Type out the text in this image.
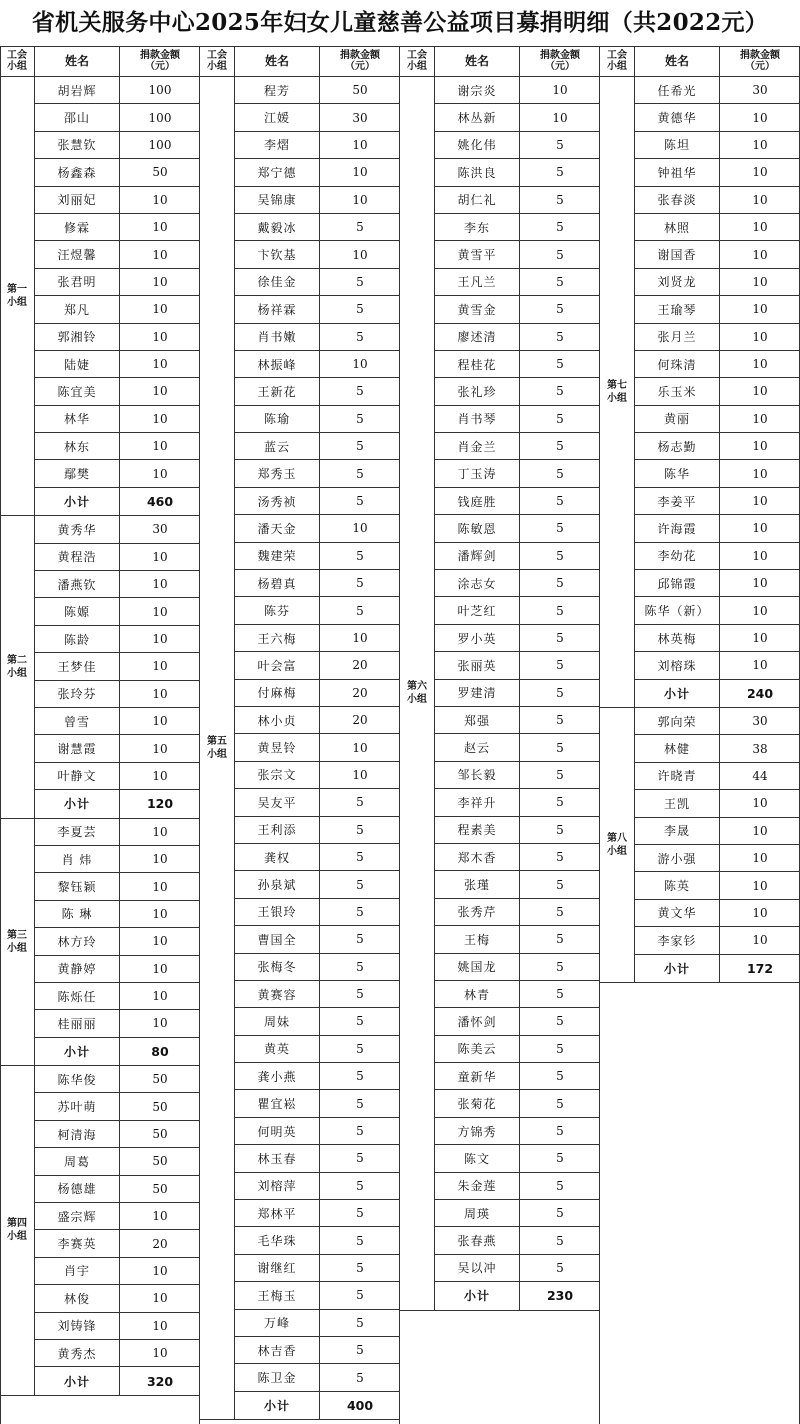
省机关服务中心2025年妇女儿童慈善公益项目募捐明细（共2022元）
工会
小组	姓名	捐款金额
（元）
第一
小组
胡岩辉	100
邵山	100
张慧钦	100
杨鑫森	50
刘丽妃	10
修霖	10
汪煜馨	10
张君明	10
郑凡	10
郭湘铃	10
陆婕	10
陈宜美	10
林华	10
林东	10
鄢樊	10
小计	460
第二
小组
黄秀华	30
黄程浩	10
潘燕钦	10
陈嫄	10
陈龄	10
王梦佳	10
张玲芬	10
曾雪	10
谢慧霞	10
叶静文	10
小计	120
第三
小组
李夏芸	10
肖 炜	10
黎钰颖	10
陈 琳	10
林方玲	10
黄静婷	10
陈烁任	10
桂丽丽	10
小计	80
第四
小组
陈华俊	50
苏叶萌	50
柯清海	50
周葛	50
杨德雄	50
盛宗辉	10
李赛英	20
肖宇	10
林俊	10
刘铸锋	10
黄秀杰	10
小计	320
工会
小组	姓名	捐款金额
（元）
第五
小组
程芳	50
江媛	30
李熠	10
郑宁德	10
吴锦康	10
戴毅冰	5
卞钦基	10
徐佳金	5
杨祥霖	5
肖书嫩	5
林振峰	10
王新花	5
陈瑜	5
蓝云	5
郑秀玉	5
汤秀祯	5
潘天金	10
魏建荣	5
杨碧真	5
陈芬	5
王六梅	10
叶会富	20
付麻梅	20
林小贞	20
黄昱铃	10
张宗文	10
吴友平	5
王利添	5
龚权	5
孙泉斌	5
王银玲	5
曹国全	5
张梅冬	5
黄赛容	5
周妹	5
黄英	5
龚小燕	5
瞿宜崧	5
何明英	5
林玉春	5
刘榕萍	5
郑林平	5
毛华珠	5
谢继红	5
王梅玉	5
万峰	5
林吉香	5
陈卫金	5
小计	400
工会
小组	姓名	捐款金额
（元）
第六
小组
谢宗炎	10
林丛新	10
姚化伟	5
陈洪良	5
胡仁礼	5
李东	5
黄雪平	5
王凡兰	5
黄雪金	5
廖述清	5
程桂花	5
张礼珍	5
肖书琴	5
肖金兰	5
丁玉涛	5
钱庭胜	5
陈敏恩	5
潘辉剑	5
涂志女	5
叶芝红	5
罗小英	5
张丽英	5
罗建清	5
郑强	5
赵云	5
邹长毅	5
李祥升	5
程素美	5
郑木香	5
张瑾	5
张秀芹	5
王梅	5
姚国龙	5
林青	5
潘怀剑	5
陈美云	5
童新华	5
张菊花	5
方锦秀	5
陈文	5
朱金莲	5
周瑛	5
张春燕	5
吴以冲	5
小计	230
工会
小组	姓名	捐款金额
（元）
第七
小组
任希光	30
黄德华	10
陈坦	10
钟祖华	10
张春淡	10
林照	10
谢国香	10
刘贤龙	10
王瑜琴	10
张月兰	10
何珠清	10
乐玉米	10
黄丽	10
杨志勤	10
陈华	10
李姜平	10
许海霞	10
李幼花	10
邱锦霞	10
陈华（新）	10
林英梅	10
刘榕珠	10
小计	240
第八
小组
郭向荣	30
林健	38
许晓青	44
王凯	10
李晟	10
游小强	10
陈英	10
黄文华	10
李家钐	10
小计	172
